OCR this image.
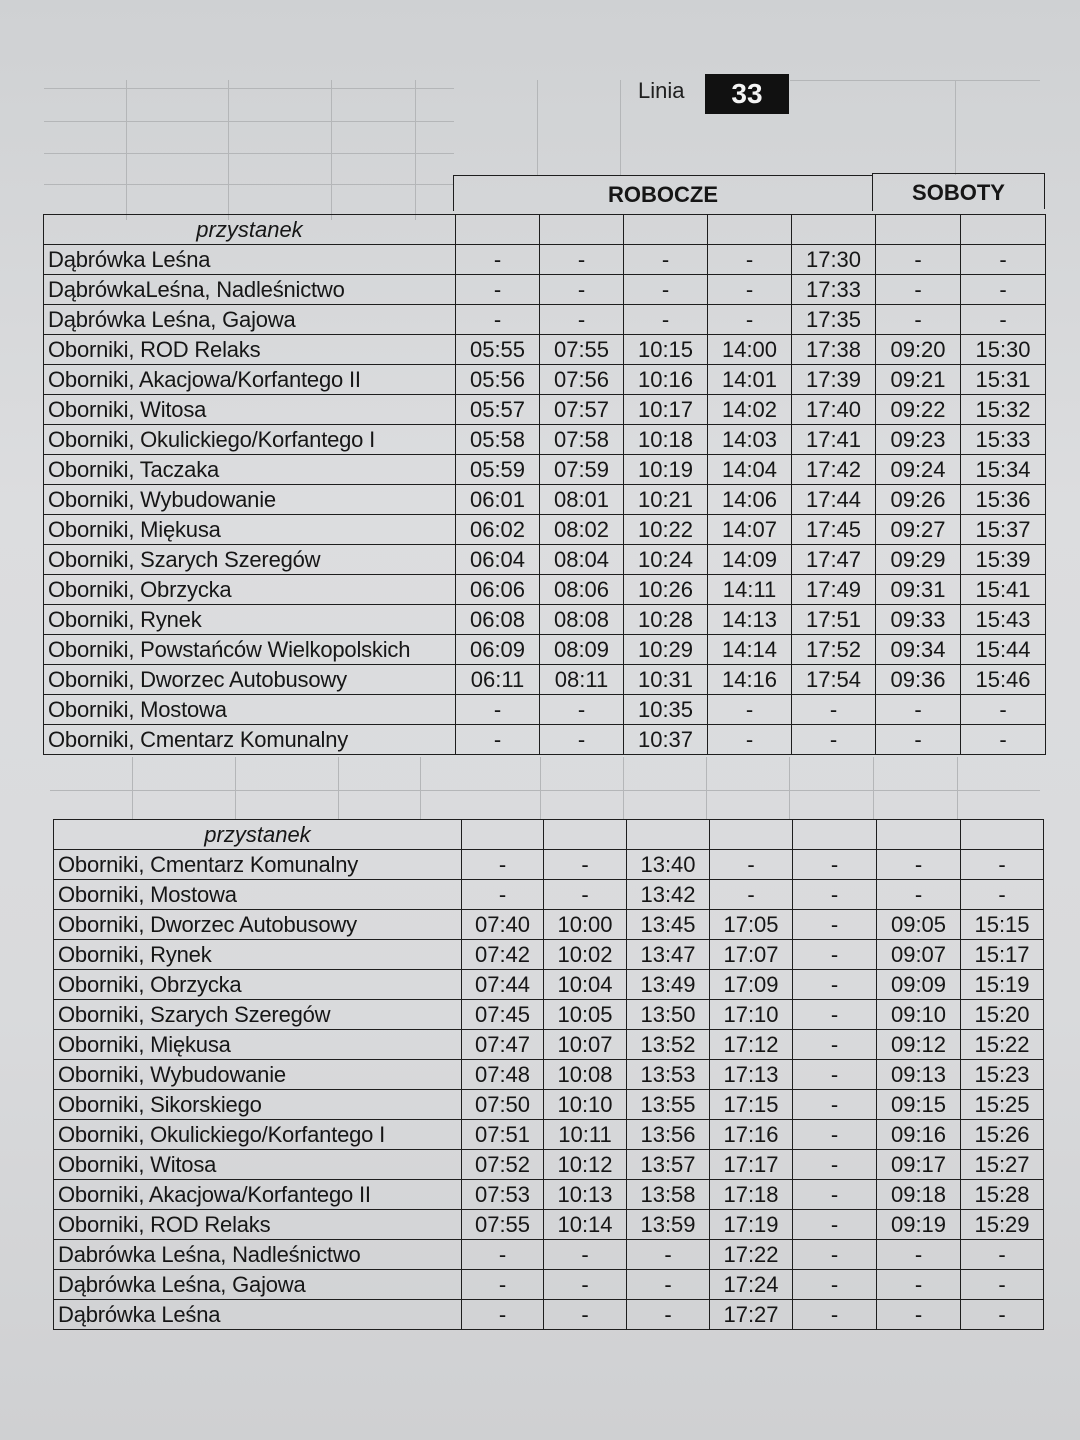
Linia	33
ROBOCZE	SOBOTY
przystanek							
Dąbrówka Leśna	-	-	-	-	17:30	-	-
DąbrówkaLeśna, Nadleśnictwo	-	-	-	-	17:33	-	-
Dąbrówka Leśna, Gajowa	-	-	-	-	17:35	-	-
Oborniki, ROD Relaks	05:55	07:55	10:15	14:00	17:38	09:20	15:30
Oborniki, Akacjowa/Korfantego II	05:56	07:56	10:16	14:01	17:39	09:21	15:31
Oborniki, Witosa	05:57	07:57	10:17	14:02	17:40	09:22	15:32
Oborniki, Okulickiego/Korfantego I	05:58	07:58	10:18	14:03	17:41	09:23	15:33
Oborniki, Taczaka	05:59	07:59	10:19	14:04	17:42	09:24	15:34
Oborniki, Wybudowanie	06:01	08:01	10:21	14:06	17:44	09:26	15:36
Oborniki, Miękusa	06:02	08:02	10:22	14:07	17:45	09:27	15:37
Oborniki, Szarych Szeregów	06:04	08:04	10:24	14:09	17:47	09:29	15:39
Oborniki, Obrzycka	06:06	08:06	10:26	14:11	17:49	09:31	15:41
Oborniki, Rynek	06:08	08:08	10:28	14:13	17:51	09:33	15:43
Oborniki, Powstańców Wielkopolskich	06:09	08:09	10:29	14:14	17:52	09:34	15:44
Oborniki, Dworzec Autobusowy	06:11	08:11	10:31	14:16	17:54	09:36	15:46
Oborniki, Mostowa	-	-	10:35	-	-	-	-
Oborniki, Cmentarz Komunalny	-	-	10:37	-	-	-	-
przystanek							
Oborniki, Cmentarz Komunalny	-	-	13:40	-	-	-	-
Oborniki, Mostowa	-	-	13:42	-	-	-	-
Oborniki, Dworzec Autobusowy	07:40	10:00	13:45	17:05	-	09:05	15:15
Oborniki, Rynek	07:42	10:02	13:47	17:07	-	09:07	15:17
Oborniki, Obrzycka	07:44	10:04	13:49	17:09	-	09:09	15:19
Oborniki, Szarych Szeregów	07:45	10:05	13:50	17:10	-	09:10	15:20
Oborniki, Miękusa	07:47	10:07	13:52	17:12	-	09:12	15:22
Oborniki, Wybudowanie	07:48	10:08	13:53	17:13	-	09:13	15:23
Oborniki, Sikorskiego	07:50	10:10	13:55	17:15	-	09:15	15:25
Oborniki, Okulickiego/Korfantego I	07:51	10:11	13:56	17:16	-	09:16	15:26
Oborniki, Witosa	07:52	10:12	13:57	17:17	-	09:17	15:27
Oborniki, Akacjowa/Korfantego II	07:53	10:13	13:58	17:18	-	09:18	15:28
Oborniki, ROD Relaks	07:55	10:14	13:59	17:19	-	09:19	15:29
Dabrówka Leśna, Nadleśnictwo	-	-	-	17:22	-	-	-
Dąbrówka Leśna, Gajowa	-	-	-	17:24	-	-	-
Dąbrówka Leśna	-	-	-	17:27	-	-	-
